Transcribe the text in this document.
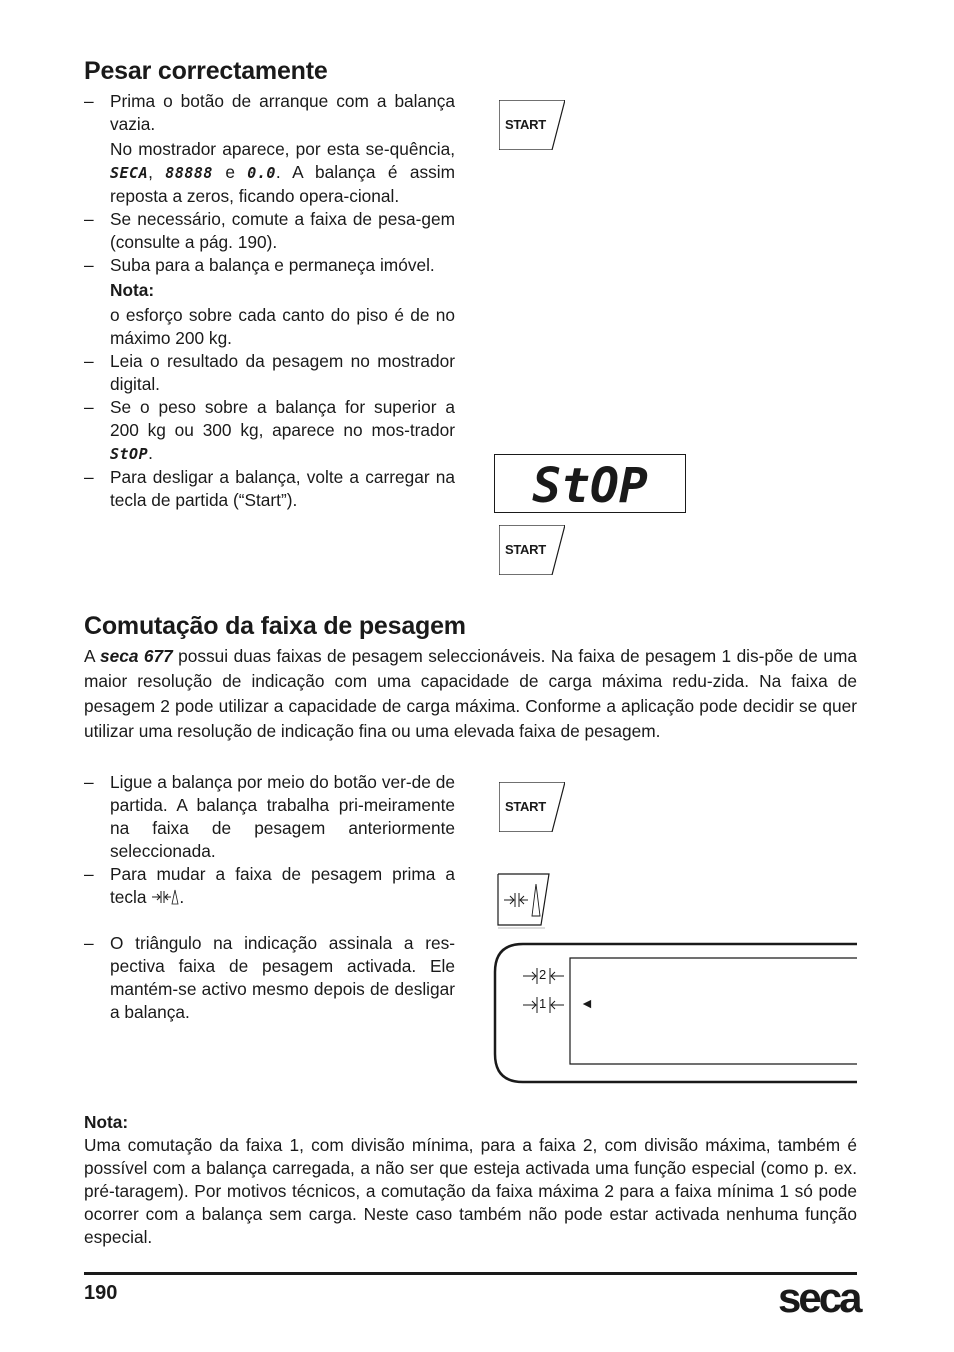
Pesar correctamente
– Prima o botão de arranque com a balança vazia.
No mostrador aparece, por esta se-quência, SECA, 88888 e 0.0. A balança é assim reposta a zeros, ficando opera-cional.
– Se necessário, comute a faixa de pesa-gem (consulte a pág. 190).
– Suba para a balança e permaneça imóvel.
Nota:
o esforço sobre cada canto do piso é de no máximo 200 kg.
– Leia o resultado da pesagem no mostrador digital.
– Se o peso sobre a balança for superior a 200 kg ou 300 kg, aparece no mos-trador StOP.
– Para desligar a balança, volte a carregar na tecla de partida (“Start”).
START
StOP
START
Comutação da faixa de pesagem
A seca 677 possui duas faixas de pesagem seleccionáveis. Na faixa de pesagem 1 dis-põe de uma maior resolução de indicação com uma capacidade de carga máxima redu-zida. Na faixa de pesagem 2 pode utilizar a capacidade de carga máxima. Conforme a aplicação pode decidir se quer utilizar uma resolução de indicação fina ou uma elevada faixa de pesagem.
– Ligue a balança por meio do botão ver-de de partida. A balança trabalha pri-meiramente na faixa de pesagem anteriormente seleccionada.
– Para mudar a faixa de pesagem prima a tecla .
– O triângulo na indicação assinala a res-pectiva faixa de pesagem activada. Ele mantém-se activo mesmo depois de desligar a balança.
START
2
1 ◄
Nota:
Uma comutação da faixa 1, com divisão mínima, para a faixa 2, com divisão máxima, também é possível com a balança carregada, a não ser que esteja activada uma função especial (como p. ex. pré-taragem). Por motivos técnicos, a comutação da faixa máxima 2 para a faixa mínima 1 só pode ocorrer com a balança sem carga. Neste caso também não pode estar activada nenhuma função especial.
190	seca
